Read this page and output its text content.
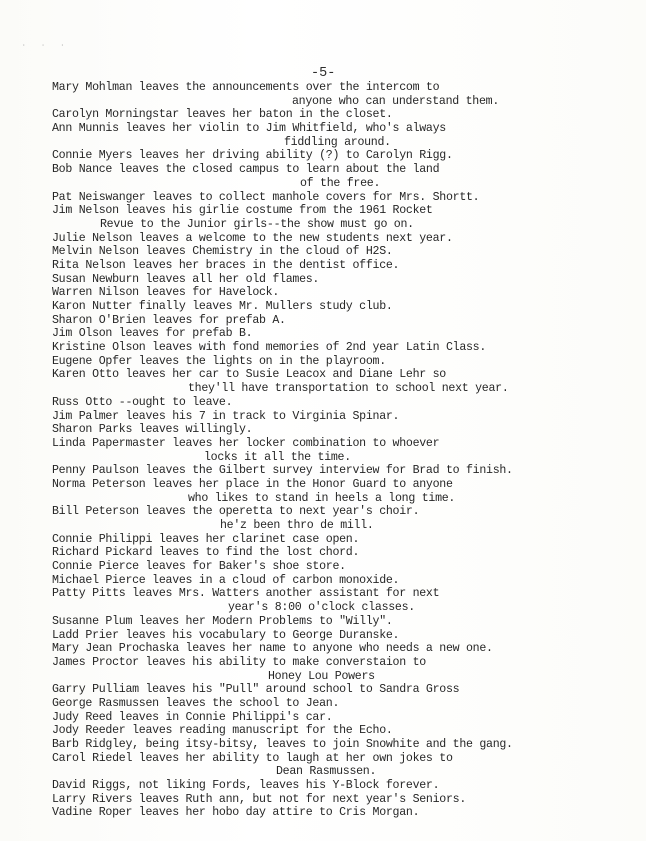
· · ·
-5-
Mary Mohlman leaves the announcements over the intercom to
anyone who can understand them.
Carolyn Morningstar leaves her baton in the closet.
Ann Munnis leaves her violin to Jim Whitfield, who's always
fiddling around.
Connie Myers leaves her driving ability (?) to Carolyn Rigg.
Bob Nance leaves the closed campus to learn about the land
of the free.
Pat Neiswanger leaves to collect manhole covers for Mrs. Shortt.
Jim Nelson leaves his girlie costume from the 1961 Rocket
Revue to the Junior girls--the show must go on.
Julie Nelson leaves a welcome to the new students next year.
Melvin Nelson leaves Chemistry in the cloud of H2S.
Rita Nelson leaves her braces in the dentist office.
Susan Newburn leaves all her old flames.
Warren Nilson leaves for Havelock.
Karon Nutter finally leaves Mr. Mullers study club.
Sharon O'Brien leaves for prefab A.
Jim Olson leaves for prefab B.
Kristine Olson leaves with fond memories of 2nd year Latin Class.
Eugene Opfer leaves the lights on in the playroom.
Karen Otto leaves her car to Susie Leacox and Diane Lehr so
they'll have transportation to school next year.
Russ Otto --ought to leave.
Jim Palmer leaves his 7 in track to Virginia Spinar.
Sharon Parks leaves willingly.
Linda Papermaster leaves her locker combination to whoever
locks it all the time.
Penny Paulson leaves the Gilbert survey interview for Brad to finish.
Norma Peterson leaves her place in the Honor Guard to anyone
who likes to stand in heels a long time.
Bill Peterson leaves the operetta to next year's choir.
he'z been thro de mill.
Connie Philippi leaves her clarinet case open.
Richard Pickard leaves to find the lost chord.
Connie Pierce leaves for Baker's shoe store.
Michael Pierce leaves in a cloud of carbon monoxide.
Patty Pitts leaves Mrs. Watters another assistant for next
year's 8:00 o'clock classes.
Susanne Plum leaves her Modern Problems to "Willy".
Ladd Prier leaves his vocabulary to George Duranske.
Mary Jean Prochaska leaves her name to anyone who needs a new one.
James Proctor leaves his ability to make converstaion to
Honey Lou Powers
Garry Pulliam leaves his "Pull" around school to Sandra Gross
George Rasmussen leaves the school to Jean.
Judy Reed leaves in Connie Philippi's car.
Jody Reeder leaves reading manuscript for the Echo.
Barb Ridgley, being itsy-bitsy, leaves to join Snowhite and the gang.
Carol Riedel leaves her ability to laugh at her own jokes to
Dean Rasmussen.
David Riggs, not liking Fords, leaves his Y-Block forever.
Larry Rivers leaves Ruth ann, but not for next year's Seniors.
Vadine Roper leaves her hobo day attire to Cris Morgan.
